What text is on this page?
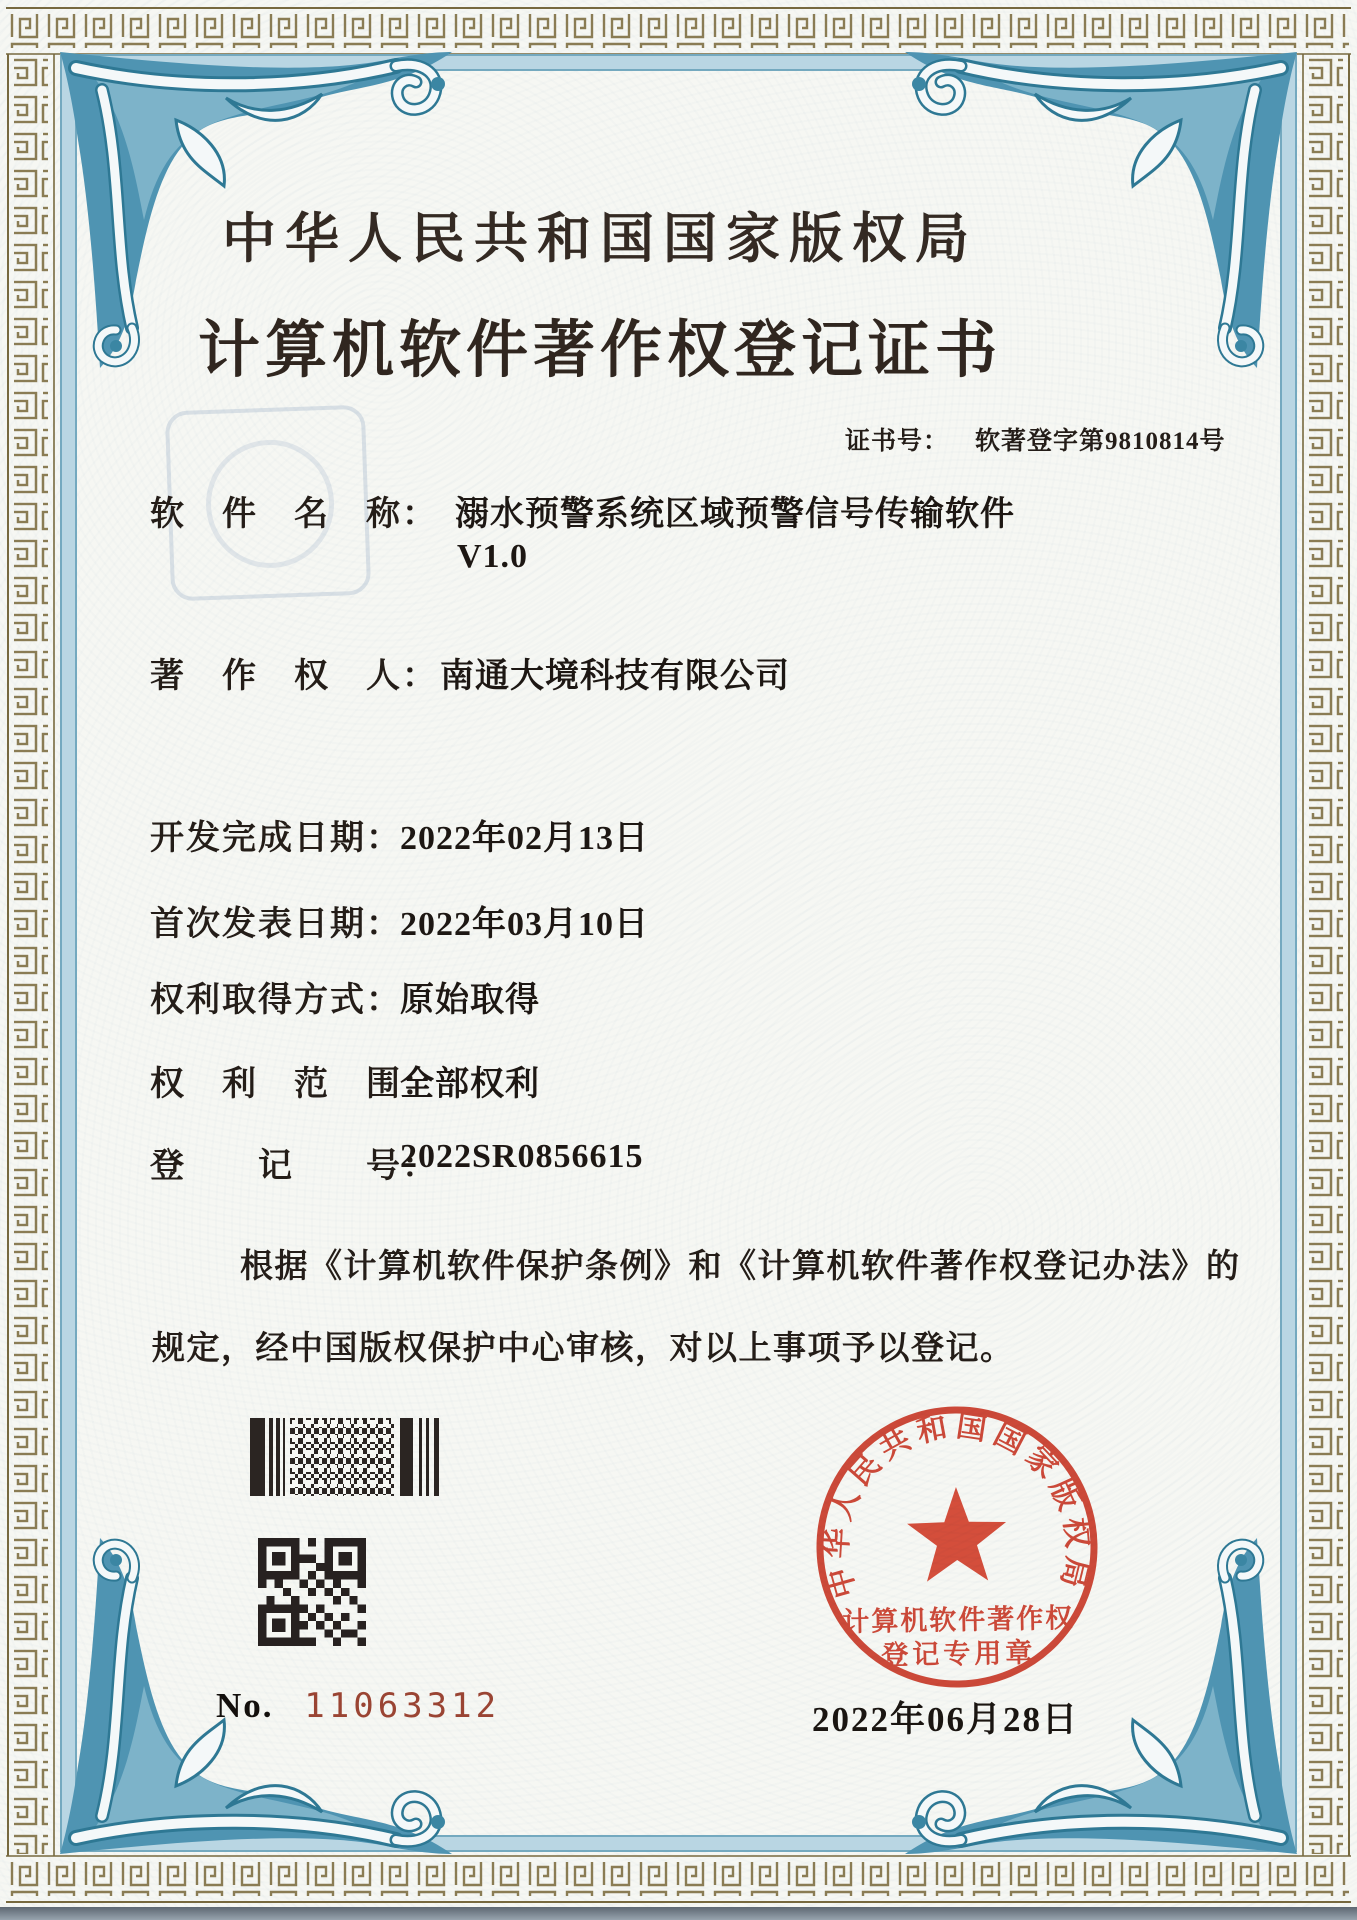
中华人民共和国国家版权局
计算机软件著作权登记证书
证书号： 软著登字第9810814号
软　件　名　称： 溺水预警系统区域预警信号传输软件
V1.0
著　作　权　人： 南通大境科技有限公司
开发完成日期：
2022年02月13日
首次发表日期：
2022年03月10日
权利取得方式：
原始取得
权　利　范　围：
全部权利
登　　记　　号：
2022SR0856615
根据《计算机软件保护条例》和《计算机软件著作权登记办法》的
规定，经中国版权保护中心审核，对以上事项予以登记。
No. 11063312
中华人民共和国国家版权局
计算机软件著作权
登记专用章
2022年06月28日
